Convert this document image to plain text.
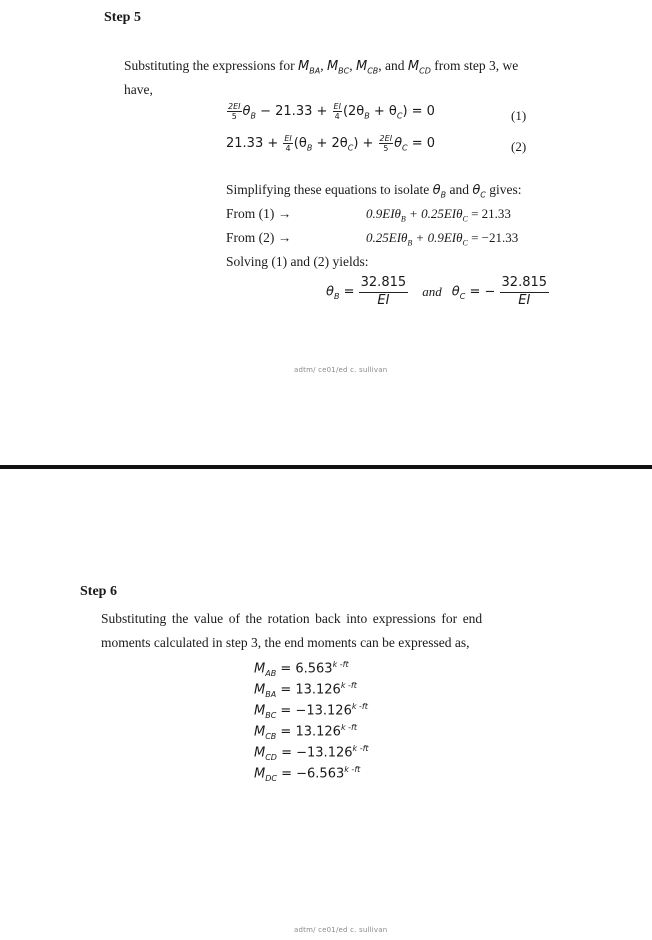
Step 5
Substituting the expressions for $M_{BA}$, $M_{BC}$, $M_{CB}$, and $M_{CD}$ from step 3, we
have,
$\frac{2EI}{5} \theta_B - 21.33 + \frac{EI}{4} (2\theta_B + \theta_C) = 0$	(1)
$21.33 + \frac{EI}{4} (\theta_B + 2\theta_C) + \frac{2EI}{5} \theta_C = 0$	(2)
Simplifying these equations to isolate $\theta_B$ and $\theta_C$ gives:
From (1) →	0.9EIθ$_B$ + 0.25EIθ$_C$ = 21.33
From (2) →	0.25EIθ$_B$ + 0.9EIθ$_C$ = −21.33
Solving (1) and (2) yields:
$\theta_B = \frac{32.815}{EI}$ and $\theta_C$ = − $\frac{32.815}{EI}$
adtm/ ce01/ed c. sullivan
Step 6
Substituting the value of the rotation back into expressions for end
moments calculated in step 3, the end moments can be expressed as,
$M_{AB} = 6.563^{k -ft}$
$M_{BA} = 13.126^{k -ft}$
$M_{BC} = -13.126^{k -ft}$
$M_{CB} = 13.126^{k -ft}$
$M_{CD} = -13.126^{k -ft}$
$M_{DC} = -6.563^{k -ft}$
adtm/ ce01/ed c. sullivan
